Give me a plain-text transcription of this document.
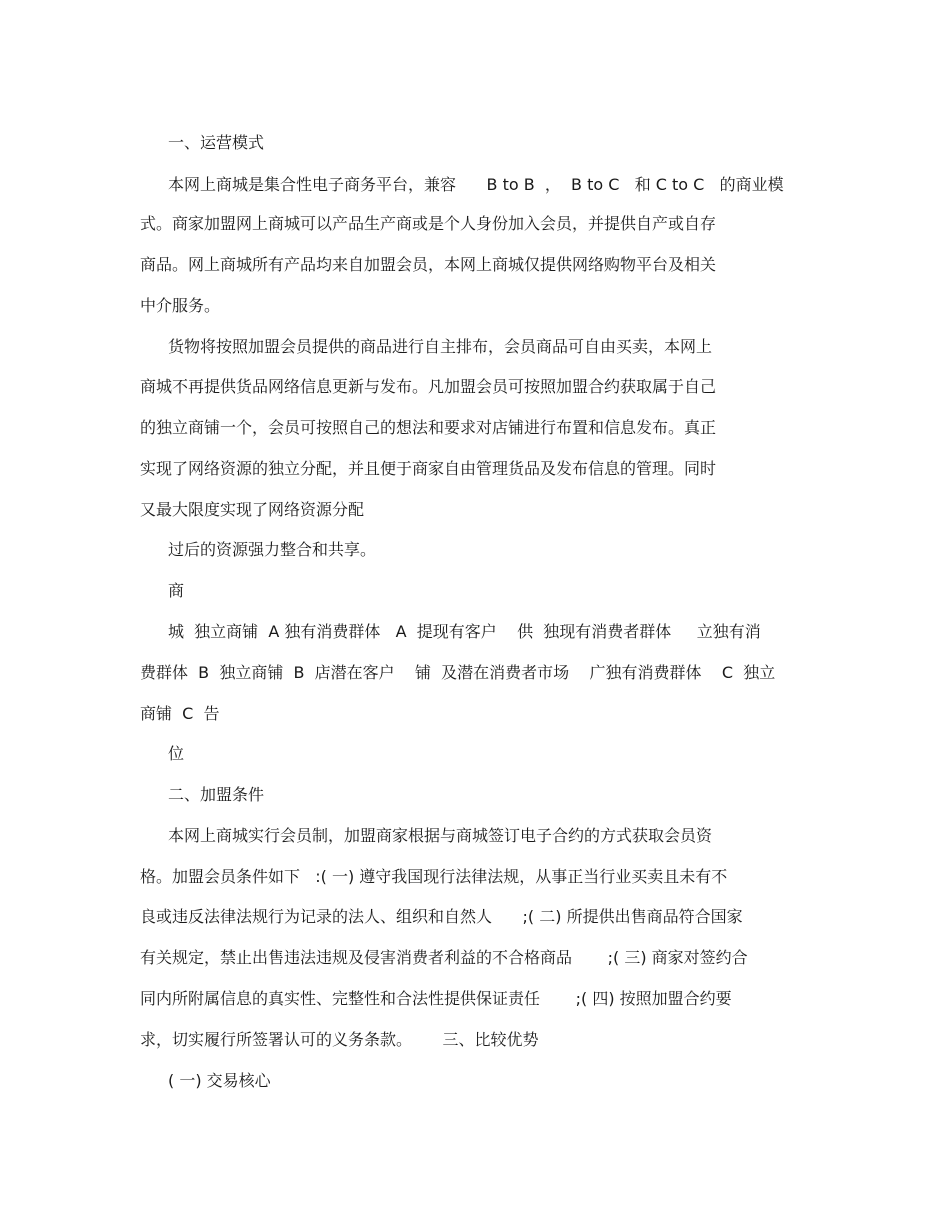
一、运营模式

本网上商城是集合性电子商务平台，兼容      B to B  ，  B to C   和 C to C   的商业模

式。商家加盟网上商城可以产品生产商或是个人身份加入会员，并提供自产或自存

商品。网上商城所有产品均来自加盟会员，本网上商城仅提供网络购物平台及相关

中介服务。

货物将按照加盟会员提供的商品进行自主排布，会员商品可自由买卖，本网上

商城不再提供货品网络信息更新与发布。凡加盟会员可按照加盟合约获取属于自己

的独立商铺一个，会员可按照自己的想法和要求对店铺进行布置和信息发布。真正

实现了网络资源的独立分配，并且便于商家自由管理货品及发布信息的管理。同时

又最大限度实现了网络资源分配

过后的资源强力整合和共享。

商

城  独立商铺  A 独有消费群体   A  提现有客户    供  独现有消费者群体     立独有消

费群体  B  独立商铺  B  店潜在客户    铺  及潜在消费者市场    广独有消费群体    C  独立

商铺  C  告

位

二、加盟条件

本网上商城实行会员制，加盟商家根据与商城签订电子合约的方式获取会员资

格。加盟会员条件如下   :( 一) 遵守我国现行法律法规，从事正当行业买卖且未有不

良或违反法律法规行为记录的法人、组织和自然人      ;( 二) 所提供出售商品符合国家

有关规定，禁止出售违法违规及侵害消费者利益的不合格商品       ;( 三) 商家对签约合

同内所附属信息的真实性、完整性和合法性提供保证责任       ;( 四) 按照加盟合约要

求，切实履行所签署认可的义务条款。      三、比较优势

( 一) 交易核心
